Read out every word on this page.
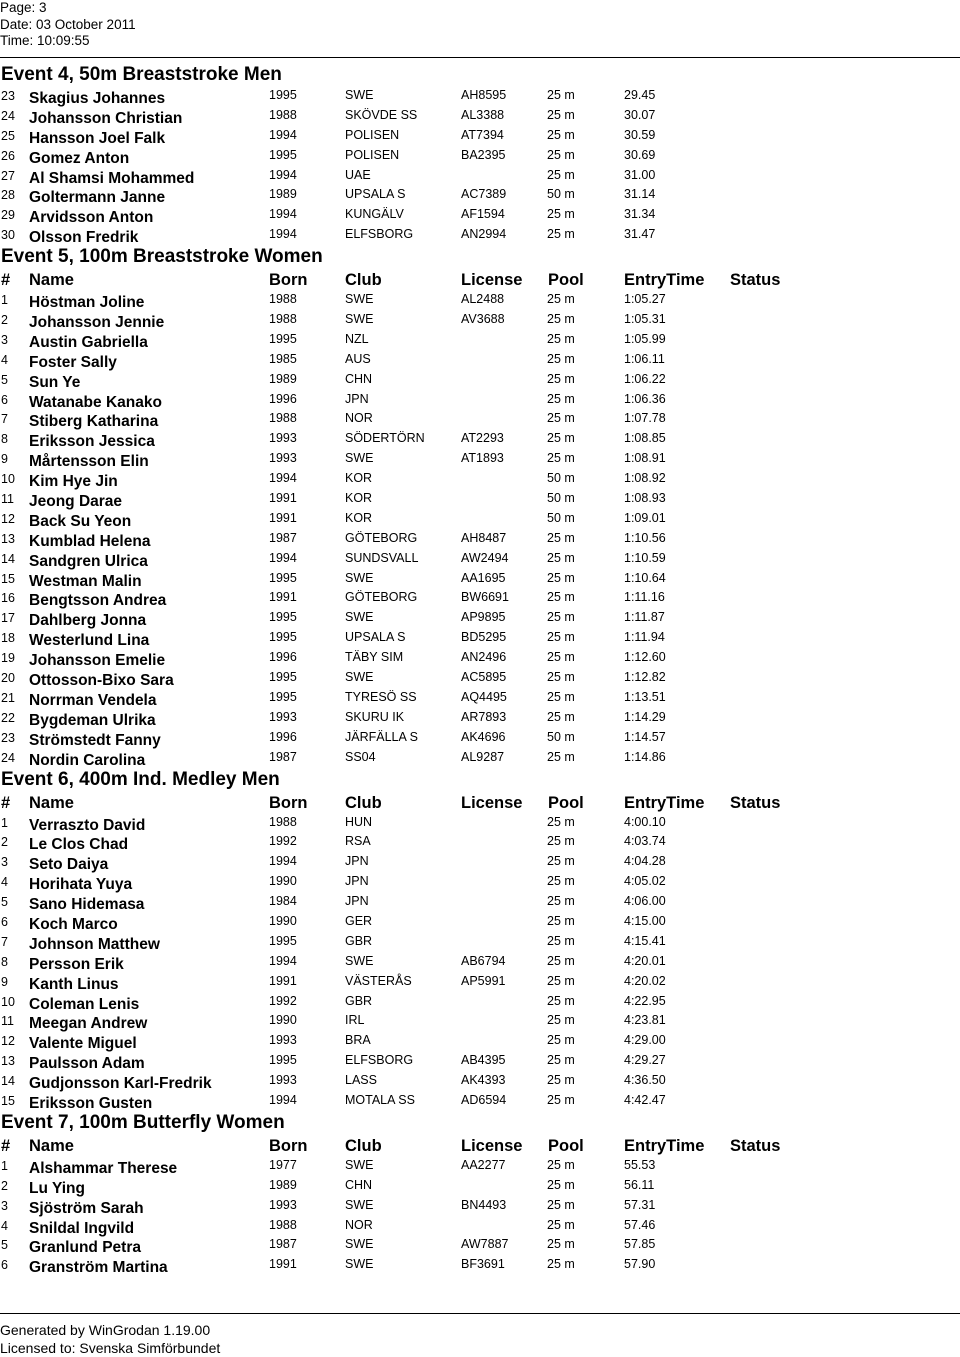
Page: 3
Date: 03 October 2011
Time: 10:09:55
Event 4, 50m Breaststroke Men
23 Skagius Johannes	1995	SWE	AH8595	25 m	29.45
24 Johansson Christian	1988	SKÖVDE SS	AL3388	25 m	30.07
25 Hansson Joel Falk	1994	POLISEN	AT7394	25 m	30.59
26 Gomez Anton	1995	POLISEN	BA2395	25 m	30.69
27 Al Shamsi Mohammed	1994	UAE	25 m	31.00
28 Goltermann Janne	1989	UPSALA S	AC7389	50 m	31.14
29 Arvidsson Anton	1994	KUNGÄLV	AF1594	25 m	31.34
30 Olsson Fredrik	1994	ELFSBORG	AN2994	25 m	31.47
Event 5, 100m Breaststroke Women
# Name	Born Club	License Pool EntryTime Status
1 Höstman Joline	1988	SWE	AL2488	25 m	1:05.27
2 Johansson Jennie	1988	SWE	AV3688	25 m	1:05.31
3 Austin Gabriella	1995	NZL	25 m	1:05.99
4 Foster Sally	1985	AUS	25 m	1:06.11
5 Sun Ye	1989	CHN	25 m	1:06.22
6 Watanabe Kanako	1996	JPN	25 m	1:06.36
7 Stiberg Katharina	1988	NOR	25 m	1:07.78
8 Eriksson Jessica	1993	SÖDERTÖRN	AT2293	25 m	1:08.85
9 Mårtensson Elin	1993	SWE	AT1893	25 m	1:08.91
10 Kim Hye Jin	1994	KOR	50 m	1:08.92
11 Jeong Darae	1991	KOR	50 m	1:08.93
12 Back Su Yeon	1991	KOR	50 m	1:09.01
13 Kumblad Helena	1987	GÖTEBORG	AH8487	25 m	1:10.56
14 Sandgren Ulrica	1994	SUNDSVALL	AW2494	25 m	1:10.59
15 Westman Malin	1995	SWE	AA1695	25 m	1:10.64
16 Bengtsson Andrea	1991	GÖTEBORG	BW6691	25 m	1:11.16
17 Dahlberg Jonna	1995	SWE	AP9895	25 m	1:11.87
18 Westerlund Lina	1995	UPSALA S	BD5295	25 m	1:11.94
19 Johansson Emelie	1996	TÄBY SIM	AN2496	25 m	1:12.60
20 Ottosson-Bixo Sara	1995	SWE	AC5895	25 m	1:12.82
21 Norrman Vendela	1995	TYRESÖ SS	AQ4495	25 m	1:13.51
22 Bygdeman Ulrika	1993	SKURU IK	AR7893	25 m	1:14.29
23 Strömstedt Fanny	1996	JÄRFÄLLA S	AK4696	50 m	1:14.57
24 Nordin Carolina	1987	SS04	AL9287	25 m	1:14.86
Event 6, 400m Ind. Medley Men
# Name	Born Club	License Pool EntryTime Status
1 Verraszto David	1988	HUN	25 m	4:00.10
2 Le Clos Chad	1992	RSA	25 m	4:03.74
3 Seto Daiya	1994	JPN	25 m	4:04.28
4 Horihata Yuya	1990	JPN	25 m	4:05.02
5 Sano Hidemasa	1984	JPN	25 m	4:06.00
6 Koch Marco	1990	GER	25 m	4:15.00
7 Johnson Matthew	1995	GBR	25 m	4:15.41
8 Persson Erik	1994	SWE	AB6794	25 m	4:20.01
9 Kanth Linus	1991	VÄSTERÅS	AP5991	25 m	4:20.02
10 Coleman Lenis	1992	GBR	25 m	4:22.95
11 Meegan Andrew	1990	IRL	25 m	4:23.81
12 Valente Miguel	1993	BRA	25 m	4:29.00
13 Paulsson Adam	1995	ELFSBORG	AB4395	25 m	4:29.27
14 Gudjonsson Karl-Fredrik	1993	LASS	AK4393	25 m	4:36.50
15 Eriksson Gusten	1994	MOTALA SS	AD6594	25 m	4:42.47
Event 7, 100m Butterfly Women
# Name	Born Club	License Pool EntryTime Status
1 Alshammar Therese	1977	SWE	AA2277	25 m	55.53
2 Lu Ying	1989	CHN	25 m	56.11
3 Sjöström Sarah	1993	SWE	BN4493	25 m	57.31
4 Snildal Ingvild	1988	NOR	25 m	57.46
5 Granlund Petra	1987	SWE	AW7887	25 m	57.85
6 Granström Martina	1991	SWE	BF3691	25 m	57.90
Generated by WinGrodan 1.19.00
Licensed to: Svenska Simförbundet
